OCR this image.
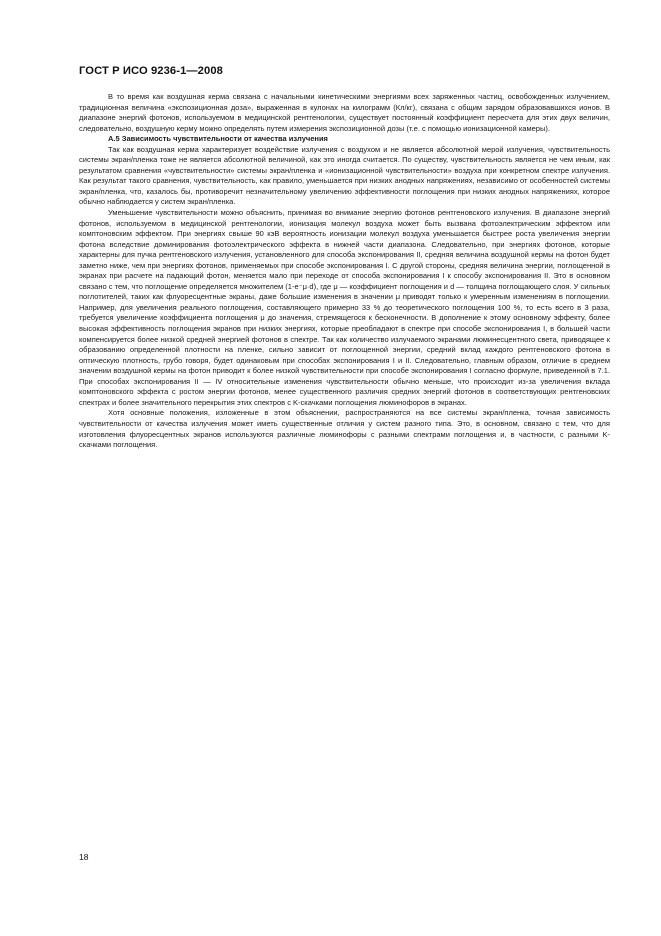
ГОСТ Р ИСО 9236-1—2008

В то время как воздушная керма связана с начальными кинетическими энергиями всех заряженных частиц, освобожденных излучением, традиционная величина «экспозиционная доза», выраженная в кулонах на килограмм (Кл/кг), связана с общим зарядом образовавшихся ионов. В диапазоне энергий фотонов, используемом в медицинской рентгенологии, существует постоянный коэффициент пересчета для этих двух величин, следовательно, воздушную керму можно определять путем измерения экспозиционной дозы (т.е. с помощью ионизационной камеры).

А.5 Зависимость чувствительности от качества излучения

Так как воздушная керма характеризует воздействие излучения с воздухом и не является абсолютной мерой излучения, чувствительность системы экран/пленка тоже не является абсолютной величиной, как это иногда считается. По существу, чувствительность является не чем иным, как результатом сравнения «чувствительности» системы экран/пленка и «ионизационной чувствительности» воздуха при конкретном спектре излучения. Как результат такого сравнения, чувствительность, как правило, уменьшается при низких анодных напряжениях, независимо от особенностей системы экран/пленка, что, казалось бы, противоречит незначительному увеличению эффективности поглощения при низких анодных напряжениях, которое обычно наблюдается у систем экран/пленка.

Уменьшение чувствительности можно объяснить, принимая во внимание энергию фотонов рентгеновского излучения. В диапазоне энергий фотонов, используемом в медицинской рентгенологии, ионизация молекул воздуха может быть вызвана фотоэлектрическим эффектом или комптоновским эффектом. При энергиях свыше 90 кэВ вероятность ионизации молекул воздуха уменьшается быстрее роста увеличения энергии фотона вследствие доминирования фотоэлектрического эффекта в нижней части диапазона. Следовательно, при энергиях фотонов, которые характерны для пучка рентгеновского излучения, установленного для способа экспонирования II, средняя величина воздушной кермы на фотон будет заметно ниже, чем при энергиях фотонов, применяемых при способе экспонирования I. С другой стороны, средняя величина энергии, поглощенной в экранах при расчете на падающий фотон, меняется мало при переходе от способа экспонирования I к способу экспонирования II. Это в основном связано с тем, что поглощение определяется множителем (1-e⁻μ·d), где μ — коэффициент поглощения и d — толщина поглощающего слоя. У сильных поглотителей, таких как флуоресцентные экраны, даже большие изменения в значении μ приводят только к умеренным изменениям в поглощении. Например, для увеличения реального поглощения, составляющего примерно 33 % до теоретического поглощения 100 %, то есть всего в 3 раза, требуется увеличение коэффициента поглощения μ до значения, стремящегося к бесконечности. В дополнение к этому основному эффекту, более высокая эффективность поглощения экранов при низких энергиях, которые преобладают в спектре при способе экспонирования I, в большей части компенсируется более низкой средней энергией фотонов в спектре. Так как количество излучаемого экранами люминесцентного света, приводящее к образованию определенной плотности на пленке, сильно зависит от поглощенной энергии, средний вклад каждого рентгеновского фотона в оптическую плотность, грубо говоря, будет одинаковым при способах экспонирования I и II. Следовательно, главным образом, отличие в среднем значении воздушной кермы на фотон приводит к более низкой чувствительности при способе экспонирования I согласно формуле, приведенной в 7.1. При способах экспонирования II — IV относительные изменения чувствительности обычно меньше, что происходит из-за увеличения вклада комптоновского эффекта с ростом энергии фотонов, менее существенного различия средних энергий фотонов в соответствующих рентгеновских спектрах и более значительного перекрытия этих спектров с K-скачками поглощения люминофоров в экранах.

Хотя основные положения, изложенные в этом объяснении, распространяются на все системы экран/пленка, точная зависимость чувствительности от качества излучения может иметь существенные отличия у систем разного типа. Это, в основном, связано с тем, что для изготовления флуоресцентных экранов используются различные люминофоры с разными спектрами поглощения и, в частности, с разными K-скачками поглощения.

18
